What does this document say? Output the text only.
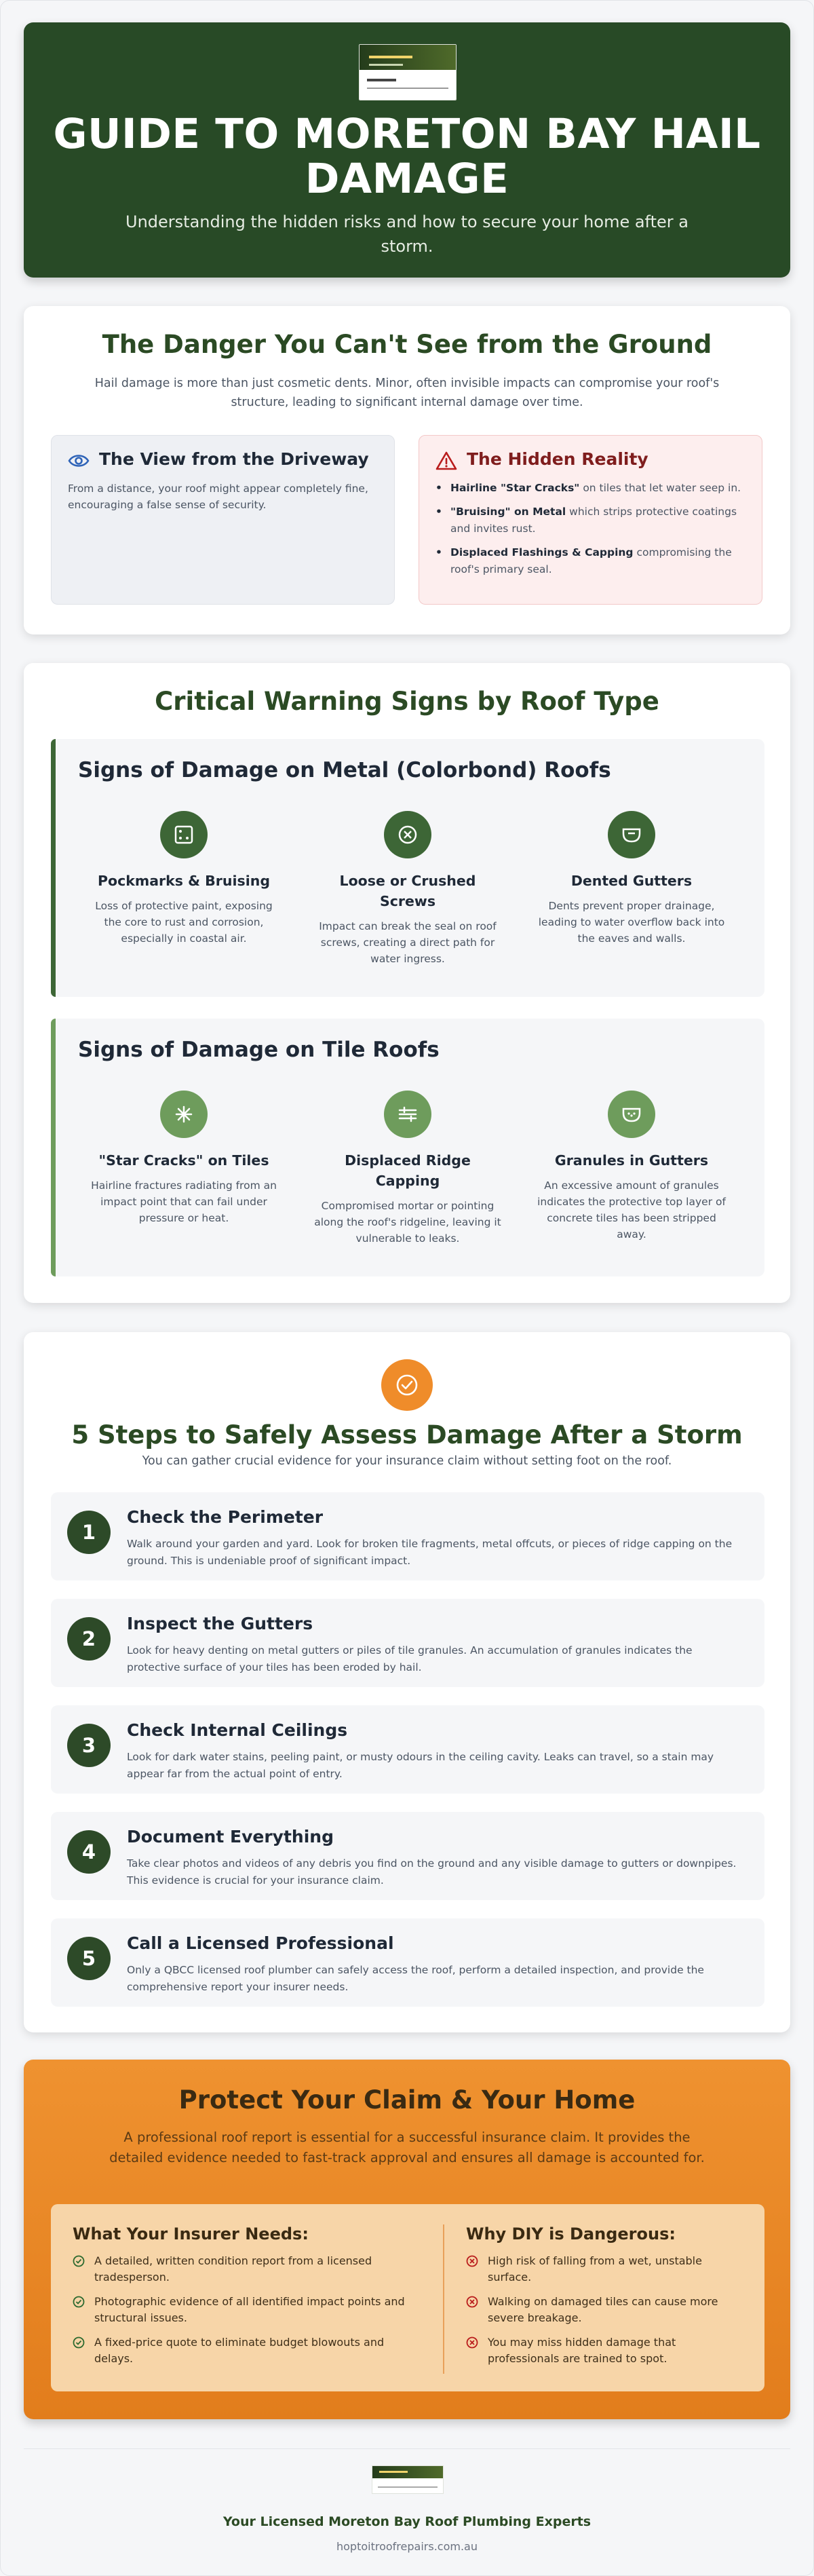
GUIDE TO MORETON BAY HAIL DAMAGE

Understanding the hidden risks and how to secure your home after a storm.

The Danger You Can't See from the Ground

Hail damage is more than just cosmetic dents. Minor, often invisible impacts can compromise your roof's structure, leading to significant internal damage over time.

The View from the Driveway

From a distance, your roof might appear completely fine, encouraging a false sense of security.

The Hidden Reality
• Hairline "Star Cracks" on tiles that let water seep in.
• "Bruising" on Metal which strips protective coatings and invites rust.
• Displaced Flashings & Capping compromising the roof's primary seal.
Critical Warning Signs by Roof Type
Signs of Damage on Metal (Colorbond) Roofs
Pockmarks & Bruising

Loss of protective paint, exposing the core to rust and corrosion, especially in coastal air.

Loose or Crushed Screws

Impact can break the seal on roof screws, creating a direct path for water ingress.

Dented Gutters

Dents prevent proper drainage, leading to water overflow back into the eaves and walls.

Signs of Damage on Tile Roofs
"Star Cracks" on Tiles

Hairline fractures radiating from an impact point that can fail under pressure or heat.

Displaced Ridge Capping

Compromised mortar or pointing along the roof's ridgeline, leaving it vulnerable to leaks.

Granules in Gutters

An excessive amount of granules indicates the protective top layer of concrete tiles has been stripped away.

5 Steps to Safely Assess Damage After a Storm

You can gather crucial evidence for your insurance claim without setting foot on the roof.

1
Check the Perimeter

Walk around your garden and yard. Look for broken tile fragments, metal offcuts, or pieces of ridge capping on the ground. This is undeniable proof of significant impact.

2
Inspect the Gutters

Look for heavy denting on metal gutters or piles of tile granules. An accumulation of granules indicates the protective surface of your tiles has been eroded by hail.

3
Check Internal Ceilings

Look for dark water stains, peeling paint, or musty odours in the ceiling cavity. Leaks can travel, so a stain may appear far from the actual point of entry.

4
Document Everything

Take clear photos and videos of any debris you find on the ground and any visible damage to gutters or downpipes. This evidence is crucial for your insurance claim.

5
Call a Licensed Professional

Only a QBCC licensed roof plumber can safely access the roof, perform a detailed inspection, and provide the comprehensive report your insurer needs.

Protect Your Claim & Your Home

A professional roof report is essential for a successful insurance claim. It provides the detailed evidence needed to fast-track approval and ensures all damage is accounted for.

What Your Insurer Needs:
A detailed, written condition report from a licensed tradesperson.
Photographic evidence of all identified impact points and structural issues.
A fixed-price quote to eliminate budget blowouts and delays.
Why DIY is Dangerous:
High risk of falling from a wet, unstable surface.
Walking on damaged tiles can cause more severe breakage.
You may miss hidden damage that professionals are trained to spot.

Your Licensed Moreton Bay Roof Plumbing Experts

hoptoitroofrepairs.com.au
